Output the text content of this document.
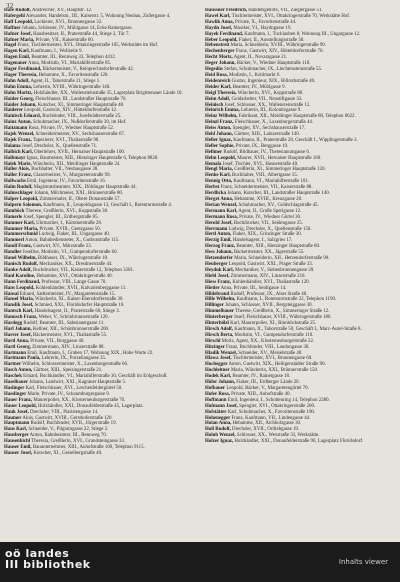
32

Hafe Rudolf, Anstreicher, XV., Hauptstr. 12.

Hafergehl Alexander, Handelsm., III., Kaiserstr. 5, Wohnung Neubau, Zollergasse 4.

Haff Leopold, Lackierer, XVI., Brunnengasse 32.

Haffner Johann, Schlosser, IV., Mühlgasse 14, Ecke Rainergasse.

Hafner Josef, Hausbesitzer, II., Praterstraße 44, Stiege 2, Tür 7.

Hafner Maria, Private, VII., Kaiserstraße 60.

Hagel Franz, Tischlermeister, XVI., Ottakringerstraße 105, Werkstätte im Hof.

Hagen Karl, Kaufmann, I., Wollzeile 9.

Hagen Emil, Beamter, III., Rennweg 33, Telephon 4412.

Hagenauer Anna, Modistin, VI., Mariahilferstraße 85.

Hager Ferdinand, Bäckermeister, V., Reinprechtsdorferstraße 42.

Hager Theresia, Hebamme, X., Favoritenstraße 120.

Hahn Adolf, Agent, II., Taborstraße 21, Stiege 1.

Hahn Emma, Lehrerin, XVIII., Währingerstraße 140.

Hahn Moritz, Holzhändler, XX., Wallensteinstraße 35, Lagerplatz Brigittenauer Lände 10.

Haider Georg, Fleischhauer, III., Landstraßer Hauptstraße 70.

Haider Johann, Kutscher, XI., Simmeringer Hauptstraße 48.

Haiderer Leopold, Gastwirt, XIV., Hütteldorferstraße 12.

Hainisch Eduard, Buchbinder, VIII., Josefstädterstraße 25.

Hainz Anton, Schuhmacher, IX., Nußdorferstraße 30, im Hof.

Haitzmann Rosa, Private, IV., Wiedner Hauptstraße 52.

Hajek Wenzel, Schneidermeister, XV., Sechshauserstraße 67.

Hajek Franz, Tapezierer, XVI., Thaliastraße 90.

Halama Josef, Drechsler, X., Quellenstraße 71.

Halbich Karl, Oberlehrer, XVII., Hernalser Hauptstraße 100.

Halbmayr Ignaz, Baumeister, XIII., Hietzinger Hauptstraße 6, Telephon 8820.

Halek Marie, Wäscherin, XII., Meidlinger Hauptstraße 24.

Haller Alois, Buchhalter, VII., Neubaugasse 38.

Haller Franz, Glasermeister, V., Margaretenstraße 99.

Hallwachs Emil, Ingenieur, IV., Favoritenstraße 16.

Halm Rudolf, Magistratsbeamter, XIX., Döblinger Hauptstraße 44.

Halmschlager Johann, Milchmeier, XXI., Brünnerstraße 80.

Halper Leopold, Zimmermaler, II., Obere Donaustraße 57.

Halpern Salomon, Kaufmann, II., Leopoldsgasse 13, Geschäft I., Rotenturmstraße 4.

Hamböck Therese, Greißlerin, XVI., Koppstraße 30.

Hamerle Josef, Spengler, III., Erdbergstraße 85.

Hammer Karl, Uhrmacher, I., Kärntnerstraße 28.

Hammer Maria, Private, XVIII., Gentzgasse 50.

Hammerschmid Ludwig, Fiaker, III., Ungargasse 40.

Hammerl Anton, Bahnbediensteter, X., Gudrunstraße 115.

Handl Franz, Gastwirt, XV., Märzstraße 23.

Handler Josefine, Modistin, VI., Gumpendorferstraße 60.

Hanel Wilhelm, Bildhauer, IX., Währingerstraße 18.

Hanisch Rudolf, Mechaniker, XX., Dresdnerstraße 44.

Hanke Adolf, Buchdrucker, VII., Kaiserstraße 12, Telephon 3301.

Hanl Karoline, Hebamme, XVI., Ottakringerstraße 40.

Hann Ferdinand, Professor, VIII., Lange Gasse 70.

Hans Leopold, Kohlenhändler, XVII., Kalvarienberggasse 11.

Hansal Eduard, Sattlermeister, IV., Margaretenstraße 15.

Hansel Maria, Wäscherin, XI., Kaiser-Ebersdorferstraße 30.

Hanslik Josef, Schmied, XXI., Floridsdorfer Hauptstraße 10.

Hantsch Karl, Handelsagent, II., Praterstraße 60, Stiege 3.

Hanusch Franz, Weber, V., Schönbrunnerstraße 120.

Hardegg Rudolf, Beamter, III., Salesianergasse 11.

Harl Johann, Kellner, XII., Schönbrunnerstraße 200.

Harrer Josef, Bäckermeister, XVI., Thaliastraße 55.

Hartl Anna, Private, VII., Burggasse 40.

Hartl Georg, Zimmermann, XIV., Linzerstraße 88.

Hartmann Emil, Kaufmann, I., Graben 17, Wohnung XIX., Hohe Warte 22.

Hartmann Paula, Lehrerin, IX., Porzellangasse 35.

Hartner Wilhelm, Schlossermeister, X., Laxenburgerstraße 66.

Hasch Anton, Gärtner, XIII., Speisingerstraße 21.

Haschek Eduard, Buchhändler, VI., Mariahilferstraße 30, Geschäft im Erdgeschoß.

Haselbauer Johann, Landwirt, XXI., Kagraner Hauptstraße 5.

Haslinger Karl, Fleischhauer, XVI., Lerchenfeldergürtel 50.

Hasslinger Marie, Private, IV., Schaumburgergasse 9.

Hauer Franz, Maurerpolier, XX., Klosterneuburgerstraße 70.

Hauer Leopold, Holzhändler, XXI., Donaufelderstraße 45, Lagerplatz.

Hauk Josef, Drechsler, VIII., Piaristengasse 14.

Haumer Alois, Gastwirt, XVIII., Gersthoferstraße 120.

Hauptmann Rudolf, Buchbinder, XVII., Jörgerstraße 19.

Haus Karl, Schneider, V., Pilgramgasse 22, Stiege 2.

Hausberger Anton, Bahnbeamter, III., Rennweg 70.

Hausenbichl Theresia, Greißlerin, XVI., Grundsteingasse 33.

Hauser Emil, Bauunternehmer, XIII., Auhofstraße 100, Telephon 9115.

Hauser Josef, Kutscher, XI., Geiselbergstraße 40.

Haussner Friedrich, Handelsgehilfe, VII., Zieglergasse 51.

Hawel Karl, Tischlermeister, XVI., Ottakringerstraße 70, Werkstätte Hof.

Hawlik Anna, Private, X., Favoritenstraße 44.

Haydn Josef, Musiker, VI., Haydngasse 19.

Hayek Ferdinand, Kaufmann, I., Tuchlauben 8, Wohnung III., Ungargasse 12.

Heber Leopold, Fiaker, II., Ausstellungsstraße 30.

Hebenstreit Maria, Schneiderin, XVIII., Währingerstraße 99.

Hechenberger Franz, Gastwirt, XIV., Hütteldorferstraße 70.

Hecht Moriz, Agent, II., Novaragasse 21.

Heger Johann, Bäcker, V., Wiedner Hauptstraße 118.

Hegedüs Stefan, Schuhmacher, IX., Liechtensteinstraße 55.

Heid Rosa, Modistin, I., Kohlmarkt 6.

Heidenreich Gustav, Ingenieur, XIX., Billrothstraße 40.

Heider Karl, Beamter, IV., Mühlgasse 9.

Heigl Theresia, Wäscherin, XVI., Koppstraße 88.

Heim Adolf, Goldarbeiter, VII., Neustiftgasse 33.

Heinisch Josef, Schlosser, XX., Wallensteinstraße 12.

Heinrich Emma, Lehrerin, III., Kolonitzgasse 9.

Heinz Wilhelm, Fabrikant, XII., Meidlinger Hauptstraße 80, Telephon 6622.

Heinzl Franz, Fleischhauer, X., Laxenburgerstraße 44.

Heiss Anton, Spengler, XV., Sechshauserstraße 17.

Held Johann, Gärtner, XIII., Lainzerstraße 140.

Heller Ignaz, Kaufmann, II., Praterstraße 28, Geschäft I., Wipplingerstraße 3.

Heller Sophie, Private, IX., Berggasse 19.

Hellmer Rudolf, Bildhauer, IV., Theresianumgasse 6.

Helm Leopold, Maurer, XVII., Hernalser Hauptstraße 160.

Hemala Josef, Tischler, XVI., Hasnerstraße 40.

Hengl Maria, Greißlerin, XI., Simmeringer Hauptstraße 120.

Henke Karl, Buchhalter, VIII., Albertgasse 15.

Hennig Otto, Kaufmann, VI., Mariahilferstraße 101.

Herbst Franz, Schneidermeister, VII., Kaiserstraße 88.

Herdlicka Johann, Kutscher, III., Landstraßer Hauptstraße 140.

Herget Anna, Hebamme, XVIII., Kreuzgasse 20.

Herian Wenzel, Schuhmacher, XV., Goldschlagstraße 45.

Hermann Karl, Agent, II., Große Sperlgasse 12.

Hermann Rosa, Private, IV., Wiedner Gürtel 30.

Herold Josef, Buchdrucker, VII., Seidengasse 25.

Herrmann Ludwig, Drechsler, X., Quellenstraße 150.

Hertl Anton, Fiaker, XIX., Grinzinger Straße 30.

Herzig Emil, Handelsagent, I., Salzgries 17.

Herzog Franz, Beamter, XIII., Hietzinger Hauptstraße 60.

Hess Johann, Bäckermeister, XX., Jägerstraße 55.

Hetzendorfer Maria, Schneiderin, XII., Hetzendorferstraße 90.

Heuberger Leopold, Gastwirt, XXI., Prager Straße 33.

Heyduk Karl, Mechaniker, V., Siebenbrunnengasse 20.

Hiebl Josef, Zimmermann, XIV., Linzerstraße 210.

Hiess Franz, Kohlenhändler, XVI., Thaliastraße 120.

Hietler Anna, Private, III., Seidlgasse 14.

Hildebrand Rudolf, Professor, IX., Alser Straße 40.

Hille Wilhelm, Kaufmann, I., Rotenturmstraße 22, Telephon 1190.

Hillinger Johann, Schlosser, XVII., Bergsteiggasse 30.

Himmelbauer Therese, Greißlerin, X., Simmeringer Straße 12.

Hinterberger Josef, Fleischhauer, XVIII., Währingerstraße 180.

Hinterhölzl Karl, Maurerpolier, XI., Rinnböckstraße 25.

Hirsch Adolf, Kaufmann, II., Taborstraße 50, Geschäft I., Marc-Aurel-Straße 8.

Hirsch Berta, Modistin, VI., Gumpendorferstraße 110.

Hirschl Moriz, Agent, XX., Klosterneuburgerstraße 22.

Hitzinger Franz, Buchbinder, VIII., Laudongasse 30.

Hladik Wenzel, Schneider, XV., Meiselstraße 40.

Hlawa Josef, Tischlermeister, XVI., Brunnengasse 60.

Hochegger Anton, Gastwirt, XIX., Heiligenstädter Straße 90.

Hochleitner Maria, Wäscherin, XXI., Brünnerstraße 150.

Hodek Karl, Beamter, IV., Rainergasse 18.

Höfer Johann, Fiaker, III., Erdberger Lände 20.

Hofbauer Leopold, Bäcker, V., Margaretengürtel 70.

Hofer Rosa, Private, XIII., Auhofstraße 40.

Hoffmann Emil, Ingenieur, I., Schottenring 14, Telephon 2280.

Hofmann Josef, Spengler, XVI., Ottakringerstraße 200.

Hofstätter Karl, Schuhmacher, X., Favoritenstraße 190.

Hohenegger Franz, Kaufmann, VII., Lindengasse 44.

Holan Anna, Hebamme, XII., Aichholzgasse 30.

Holl Rudolf, Drechsler, XVII., Ortliebgasse 19.

Holub Wenzel, Schlosser, XX., Wexstraße 33, Werkstätte.

Holzer Ignaz, Holzhändler, XXI., Donaufelderstraße 90, Lagerplatz Floridsdorf.

oö landes
III bibliothek	Inhalts viewer
